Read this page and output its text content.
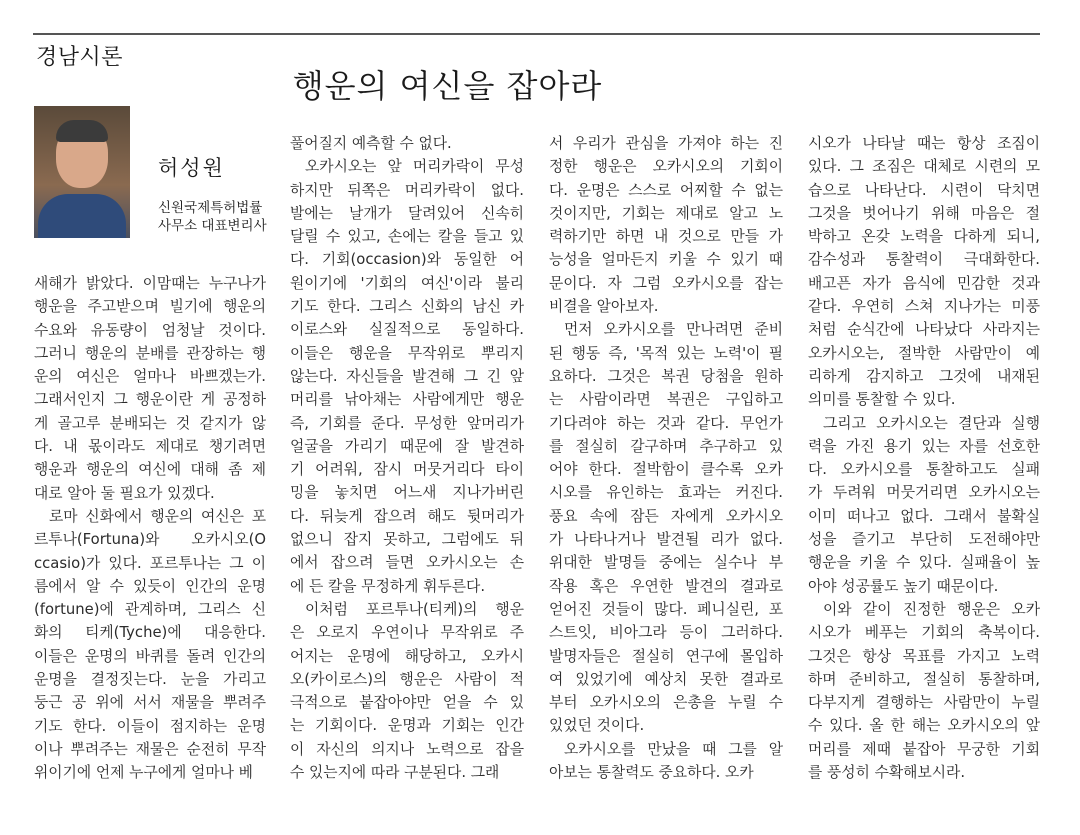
경남시론
행운의 여신을 잡아라
허성원
신원국제특허법률
사무소 대표변리사
새해가 밝았다. 이맘때는 누구나가
행운을 주고받으며 빌기에 행운의
수요와 유동량이 엄청날 것이다.
그러니 행운의 분배를 관장하는 행
운의 여신은 얼마나 바쁘겠는가.
그래서인지 그 행운이란 게 공정하
게 골고루 분배되는 것 같지가 않
다. 내 몫이라도 제대로 챙기려면
행운과 행운의 여신에 대해 좀 제
대로 알아 둘 필요가 있겠다.
로마 신화에서 행운의 여신은 포
르투나(Fortuna)와 오카시오(O
ccasio)가 있다. 포르투나는 그 이
름에서 알 수 있듯이 인간의 운명
(fortune)에 관계하며, 그리스 신
화의 티케(Tyche)에 대응한다.
이들은 운명의 바퀴를 돌려 인간의
운명을 결정짓는다. 눈을 가리고
둥근 공 위에 서서 재물을 뿌려주
기도 한다. 이들이 점지하는 운명
이나 뿌려주는 재물은 순전히 무작
위이기에 언제 누구에게 얼마나 베
풀어질지 예측할 수 없다.
오카시오는 앞 머리카락이 무성
하지만 뒤쪽은 머리카락이 없다.
발에는 날개가 달려있어 신속히
달릴 수 있고, 손에는 칼을 들고 있
다. 기회(occasion)와 동일한 어
원이기에 '기회의 여신'이라 불리
기도 한다. 그리스 신화의 남신 카
이로스와 실질적으로 동일하다.
이들은 행운을 무작위로 뿌리지
않는다. 자신들을 발견해 그 긴 앞
머리를 낚아채는 사람에게만 행운
즉, 기회를 준다. 무성한 앞머리가
얼굴을 가리기 때문에 잘 발견하
기 어려워, 잠시 머뭇거리다 타이
밍을 놓치면 어느새 지나가버린
다. 뒤늦게 잡으려 해도 뒷머리가
없으니 잡지 못하고, 그럼에도 뒤
에서 잡으려 들면 오카시오는 손
에 든 칼을 무정하게 휘두른다.
이처럼 포르투나(티케)의 행운
은 오로지 우연이나 무작위로 주
어지는 운명에 해당하고, 오카시
오(카이로스)의 행운은 사람이 적
극적으로 붙잡아야만 얻을 수 있
는 기회이다. 운명과 기회는 인간
이 자신의 의지나 노력으로 잡을
수 있는지에 따라 구분된다. 그래
서 우리가 관심을 가져야 하는 진
정한 행운은 오카시오의 기회이
다. 운명은 스스로 어찌할 수 없는
것이지만, 기회는 제대로 알고 노
력하기만 하면 내 것으로 만들 가
능성을 얼마든지 키울 수 있기 때
문이다. 자 그럼 오카시오를 잡는
비결을 알아보자.
먼저 오카시오를 만나려면 준비
된 행동 즉, '목적 있는 노력'이 필
요하다. 그것은 복권 당첨을 원하
는 사람이라면 복권은 구입하고
기다려야 하는 것과 같다. 무언가
를 절실히 갈구하며 추구하고 있
어야 한다. 절박함이 클수록 오카
시오를 유인하는 효과는 커진다.
풍요 속에 잠든 자에게 오카시오
가 나타나거나 발견될 리가 없다.
위대한 발명들 중에는 실수나 부
작용 혹은 우연한 발견의 결과로
얻어진 것들이 많다. 페니실린, 포
스트잇, 비아그라 등이 그러하다.
발명자들은 절실히 연구에 몰입하
여 있었기에 예상치 못한 결과로
부터 오카시오의 은총을 누릴 수
있었던 것이다.
오카시오를 만났을 때 그를 알
아보는 통찰력도 중요하다. 오카
시오가 나타날 때는 항상 조짐이
있다. 그 조짐은 대체로 시련의 모
습으로 나타난다. 시련이 닥치면
그것을 벗어나기 위해 마음은 절
박하고 온갖 노력을 다하게 되니,
감수성과 통찰력이 극대화한다.
배고픈 자가 음식에 민감한 것과
같다. 우연히 스쳐 지나가는 미풍
처럼 순식간에 나타났다 사라지는
오카시오는, 절박한 사람만이 예
리하게 감지하고 그것에 내재된
의미를 통찰할 수 있다.
그리고 오카시오는 결단과 실행
력을 가진 용기 있는 자를 선호한
다. 오카시오를 통찰하고도 실패
가 두려워 머뭇거리면 오카시오는
이미 떠나고 없다. 그래서 불확실
성을 즐기고 부단히 도전해야만
행운을 키울 수 있다. 실패율이 높
아야 성공률도 높기 때문이다.
이와 같이 진정한 행운은 오카
시오가 베푸는 기회의 축복이다.
그것은 항상 목표를 가지고 노력
하며 준비하고, 절실히 통찰하며,
다부지게 결행하는 사람만이 누릴
수 있다. 올 한 해는 오카시오의 앞
머리를 제때 붙잡아 무궁한 기회
를 풍성히 수확해보시라.
